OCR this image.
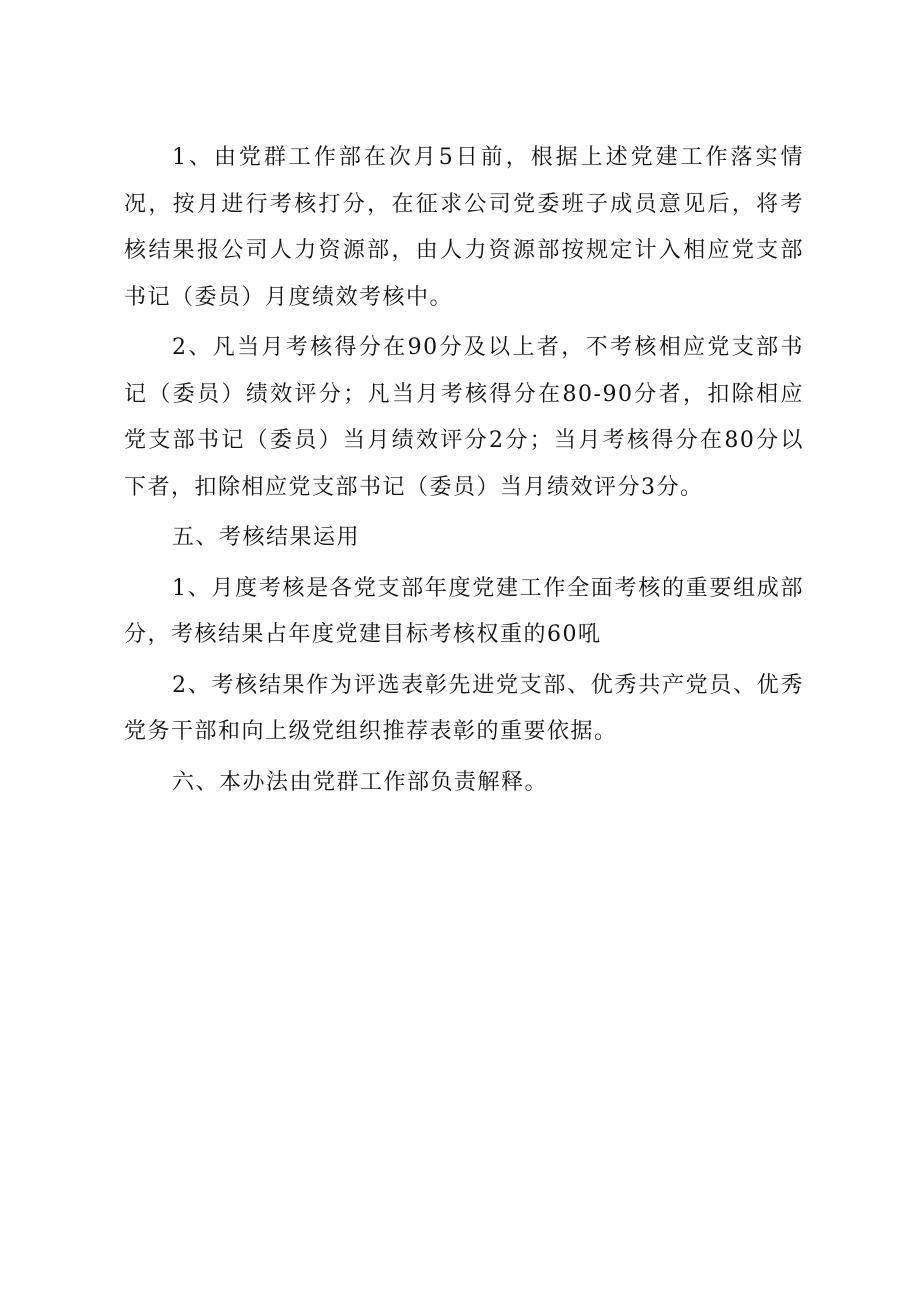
1、由党群工作部在次月5日前，根据上述党建工作落实情况，按月进行考核打分，在征求公司党委班子成员意见后，将考核结果报公司人力资源部，由人力资源部按规定计入相应党支部书记（委员）月度绩效考核中。

2、凡当月考核得分在90分及以上者，不考核相应党支部书记（委员）绩效评分；凡当月考核得分在80-90分者，扣除相应党支部书记（委员）当月绩效评分2分；当月考核得分在80分以下者，扣除相应党支部书记（委员）当月绩效评分3分。

五、考核结果运用

1、月度考核是各党支部年度党建工作全面考核的重要组成部分，考核结果占年度党建目标考核权重的60吼

2、考核结果作为评选表彰先进党支部、优秀共产党员、优秀党务干部和向上级党组织推荐表彰的重要依据。

六、本办法由党群工作部负责解释。
